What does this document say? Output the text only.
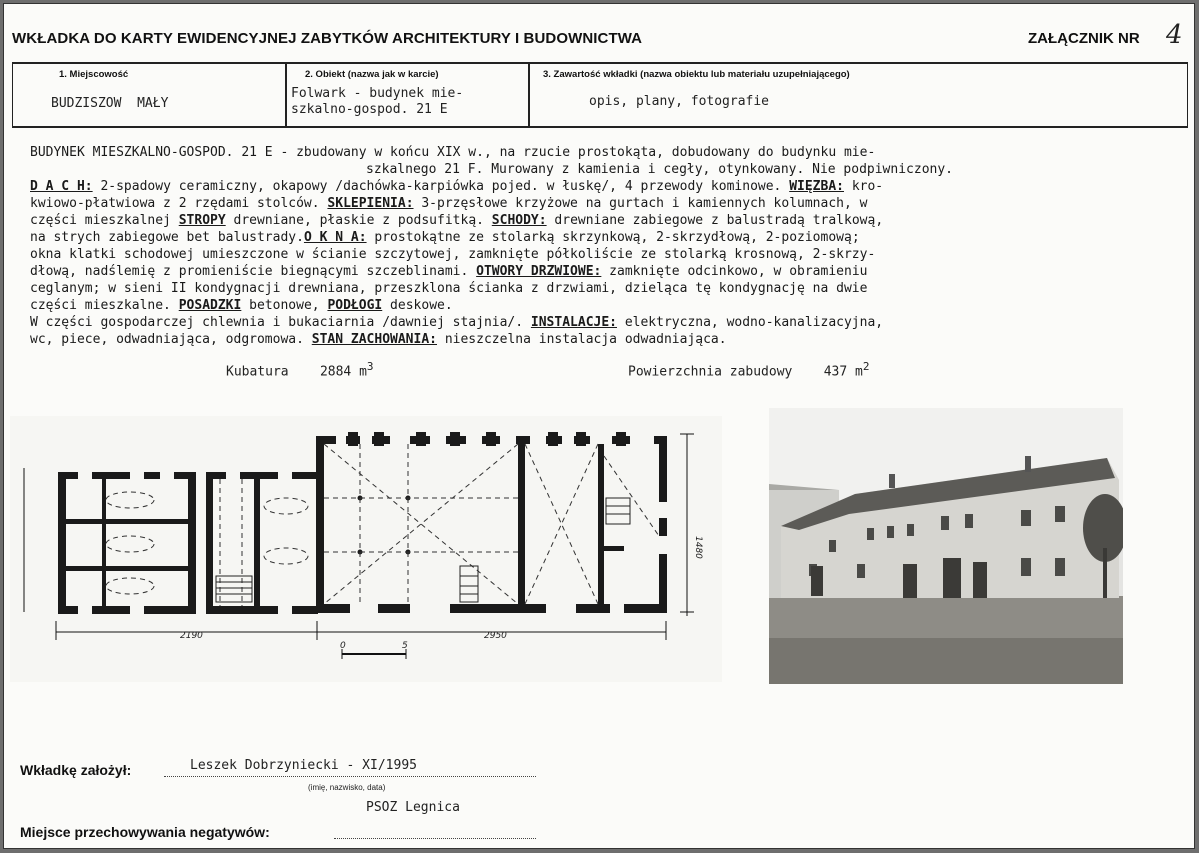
WKŁADKA DO KARTY EWIDENCYJNEJ ZABYTKÓW ARCHITEKTURY I BUDOWNICTWA	ZAŁĄCZNIK NR 4
1. Miejscowość
BUDZISZOW  MAŁY
2. Obiekt (nazwa jak w karcie)
Folwark - budynek mie-
szkalno-gospod. 21 E
3. Zawartość wkładki (nazwa obiektu lub materiału uzupełniającego)
opis, plany, fotografie
BUDYNEK MIESZKALNO-GOSPOD. 21 E - zbudowany w końcu XIX w., na rzucie prostokąta, dobudowany do budynku mie-
szkalnego 21 F. Murowany z kamienia i cegły, otynkowany. Nie podpiwniczony.
D A C H: 2-spadowy ceramiczny, okapowy /dachówka-karpiówka pojed. w łuskę/, 4 przewody kominowe. WIĘZBA: kro-
kwiowo-płatwiowa z 2 rzędami stolców. SKLEPIENIA: 3-przęsłowe krzyżowe na gurtach i kamiennych kolumnach, w
części mieszkalnej STROPY drewniane, płaskie z podsufitką. SCHODY: drewniane zabiegowe z balustradą tralkową,
na strych zabiegowe bet balustrady.O K N A: prostokątne ze stolarką skrzynkową, 2-skrzydłową, 2-poziomową;
okna klatki schodowej umieszczone w ścianie szczytowej, zamknięte półkoliście ze stolarką krosnową, 2-skrzy-
dłową, nadślemię z promieniście biegnącymi szczeblinami. OTWORY DRZWIOWE: zamknięte odcinkowo, w obramieniu
ceglanym; w sieni II kondygnacji drewniana, przeszklona ścianka z drzwiami, dzieląca tę kondygnację na dwie
części mieszkalne. POSADZKI betonowe, PODŁOGI deskowe.
W części gospodarczej chlewnia i bukaciarnia /dawniej stajnia/. INSTALACJE: elektryczna, wodno-kanalizacyjna,
wc, piece, odwadniająca, odgromowa. STAN ZACHOWANIA: nieszczelna instalacja odwadniająca.
Kubatura 2884 $m^3$	Powierzchnia zabudowy 437 $m^2$
2190	2950
1480
0	5
Wkładkę założył:	Leszek Dobrzyniecki - XI/1995
(imię, nazwisko, data)
PSOZ Legnica
Miejsce przechowywania negatywów:
